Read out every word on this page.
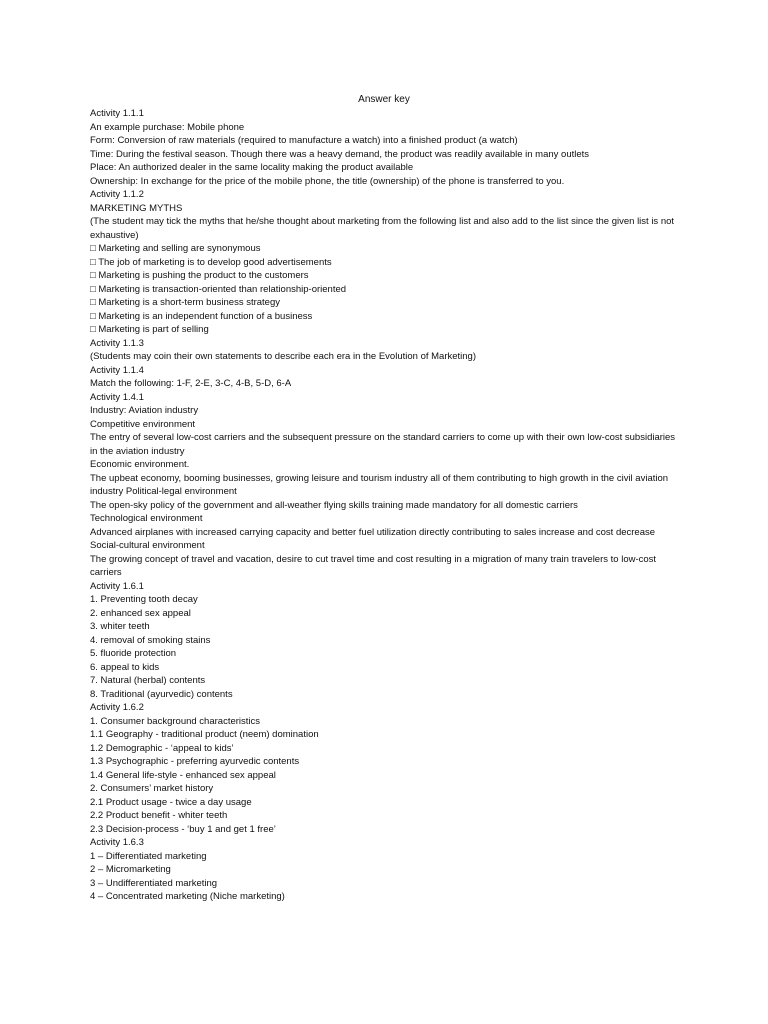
Answer key
Activity 1.1.1
An example purchase: Mobile phone
Form: Conversion of raw materials (required to manufacture a watch) into a finished product (a watch)
Time: During the festival season. Though there was a heavy demand, the product was readily available in many outlets
Place: An authorized dealer in the same locality making the product available
Ownership: In exchange for the price of the mobile phone, the title (ownership) of the phone is transferred to you.
Activity 1.1.2
MARKETING MYTHS
(The student may tick the myths that he/she thought about marketing from the following list and also add to the list since the given list is not exhaustive)
□ Marketing and selling are synonymous
□ The job of marketing is to develop good advertisements
□ Marketing is pushing the product to the customers
□ Marketing is transaction-oriented than relationship-oriented
□ Marketing is a short-term business strategy
□ Marketing is an independent function of a business
□ Marketing is part of selling
Activity 1.1.3
(Students may coin their own statements to describe each era in the Evolution of Marketing)
Activity 1.1.4
Match the following: 1-F, 2-E, 3-C, 4-B, 5-D, 6-A
Activity 1.4.1
Industry: Aviation industry
Competitive environment
The entry of several low-cost carriers and the subsequent pressure on the standard carriers to come up with their own low-cost subsidiaries in the aviation industry
Economic environment.
The upbeat economy, booming businesses, growing leisure and tourism industry all of them contributing to high growth in the civil aviation industry Political-legal environment
The open-sky policy of the government and all-weather flying skills training made mandatory for all domestic carriers
Technological environment
Advanced airplanes with increased carrying capacity and better fuel utilization directly contributing to sales increase and cost decrease Social-cultural environment
The growing concept of travel and vacation, desire to cut travel time and cost resulting in a migration of many train travelers to low-cost carriers
Activity 1.6.1
1. Preventing tooth decay
2. enhanced sex appeal
3. whiter teeth
4. removal of smoking stains
5. fluoride protection
6. appeal to kids
7. Natural (herbal) contents
8. Traditional (ayurvedic) contents
Activity 1.6.2
1. Consumer background characteristics
1.1 Geography - traditional product (neem) domination
1.2 Demographic - ‘appeal to kids’
1.3 Psychographic - preferring ayurvedic contents
1.4 General life-style - enhanced sex appeal
2. Consumers’ market history
2.1 Product usage - twice a day usage
2.2 Product benefit - whiter teeth
2.3 Decision-process - ‘buy 1 and get 1 free’
Activity 1.6.3
1 – Differentiated marketing
2 – Micromarketing
3 – Undifferentiated marketing
4 – Concentrated marketing (Niche marketing)
